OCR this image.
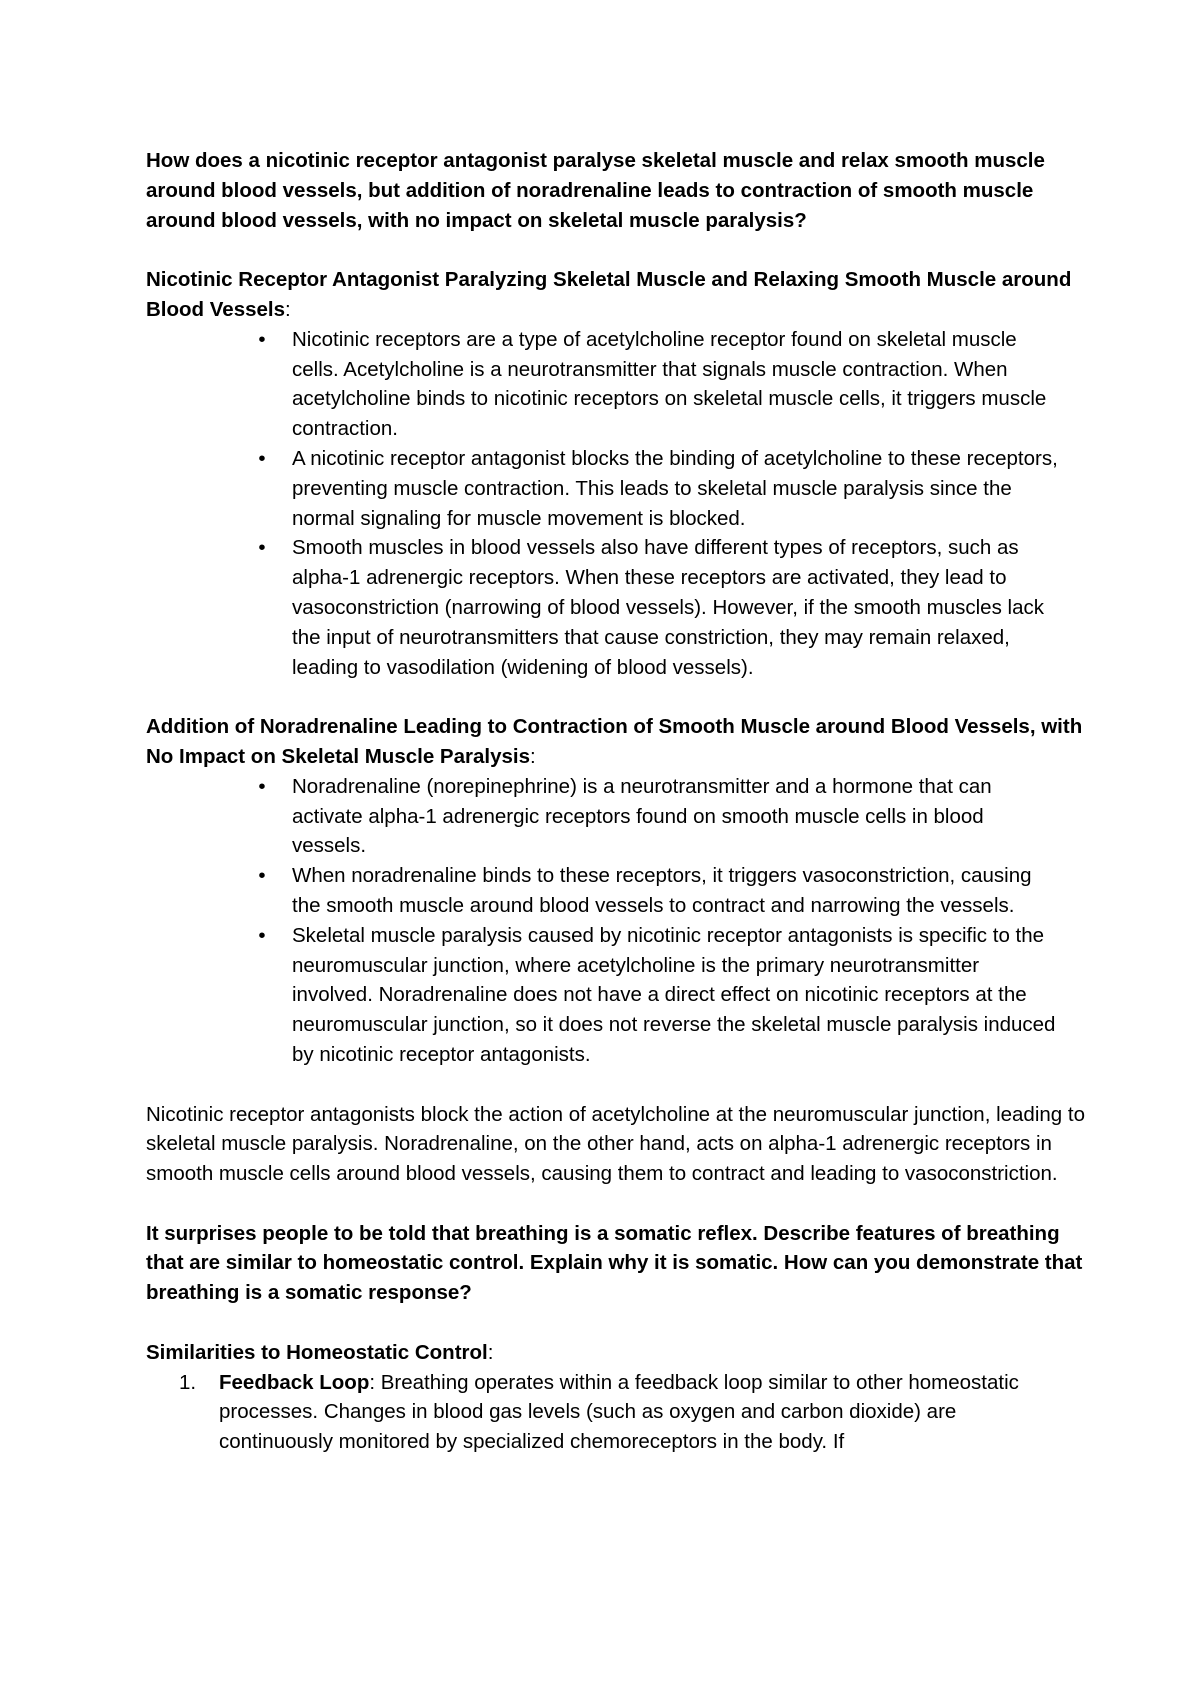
How does a nicotinic receptor antagonist paralyse skeletal muscle and relax smooth muscle around blood vessels, but addition of noradrenaline leads to contraction of smooth muscle around blood vessels, with no impact on skeletal muscle paralysis?

Nicotinic Receptor Antagonist Paralyzing Skeletal Muscle and Relaxing Smooth Muscle around Blood Vessels:

•	Nicotinic receptors are a type of acetylcholine receptor found on skeletal muscle cells. Acetylcholine is a neurotransmitter that signals muscle contraction. When acetylcholine binds to nicotinic receptors on skeletal muscle cells, it triggers muscle contraction.
•	A nicotinic receptor antagonist blocks the binding of acetylcholine to these receptors, preventing muscle contraction. This leads to skeletal muscle paralysis since the normal signaling for muscle movement is blocked.
•	Smooth muscles in blood vessels also have different types of receptors, such as alpha-1 adrenergic receptors. When these receptors are activated, they lead to vasoconstriction (narrowing of blood vessels). However, if the smooth muscles lack the input of neurotransmitters that cause constriction, they may remain relaxed, leading to vasodilation (widening of blood vessels).

Addition of Noradrenaline Leading to Contraction of Smooth Muscle around Blood Vessels, with No Impact on Skeletal Muscle Paralysis:

•	Noradrenaline (norepinephrine) is a neurotransmitter and a hormone that can activate alpha-1 adrenergic receptors found on smooth muscle cells in blood vessels.
•	When noradrenaline binds to these receptors, it triggers vasoconstriction, causing the smooth muscle around blood vessels to contract and narrowing the vessels.
•	Skeletal muscle paralysis caused by nicotinic receptor antagonists is specific to the neuromuscular junction, where acetylcholine is the primary neurotransmitter involved. Noradrenaline does not have a direct effect on nicotinic receptors at the neuromuscular junction, so it does not reverse the skeletal muscle paralysis induced by nicotinic receptor antagonists.

Nicotinic receptor antagonists block the action of acetylcholine at the neuromuscular junction, leading to skeletal muscle paralysis. Noradrenaline, on the other hand, acts on alpha-1 adrenergic receptors in smooth muscle cells around blood vessels, causing them to contract and leading to vasoconstriction.

It surprises people to be told that breathing is a somatic reflex. Describe features of breathing that are similar to homeostatic control. Explain why it is somatic. How can you demonstrate that breathing is a somatic response?

Similarities to Homeostatic Control:

1. Feedback Loop: Breathing operates within a feedback loop similar to other homeostatic processes. Changes in blood gas levels (such as oxygen and carbon dioxide) are continuously monitored by specialized chemoreceptors in the body. If
